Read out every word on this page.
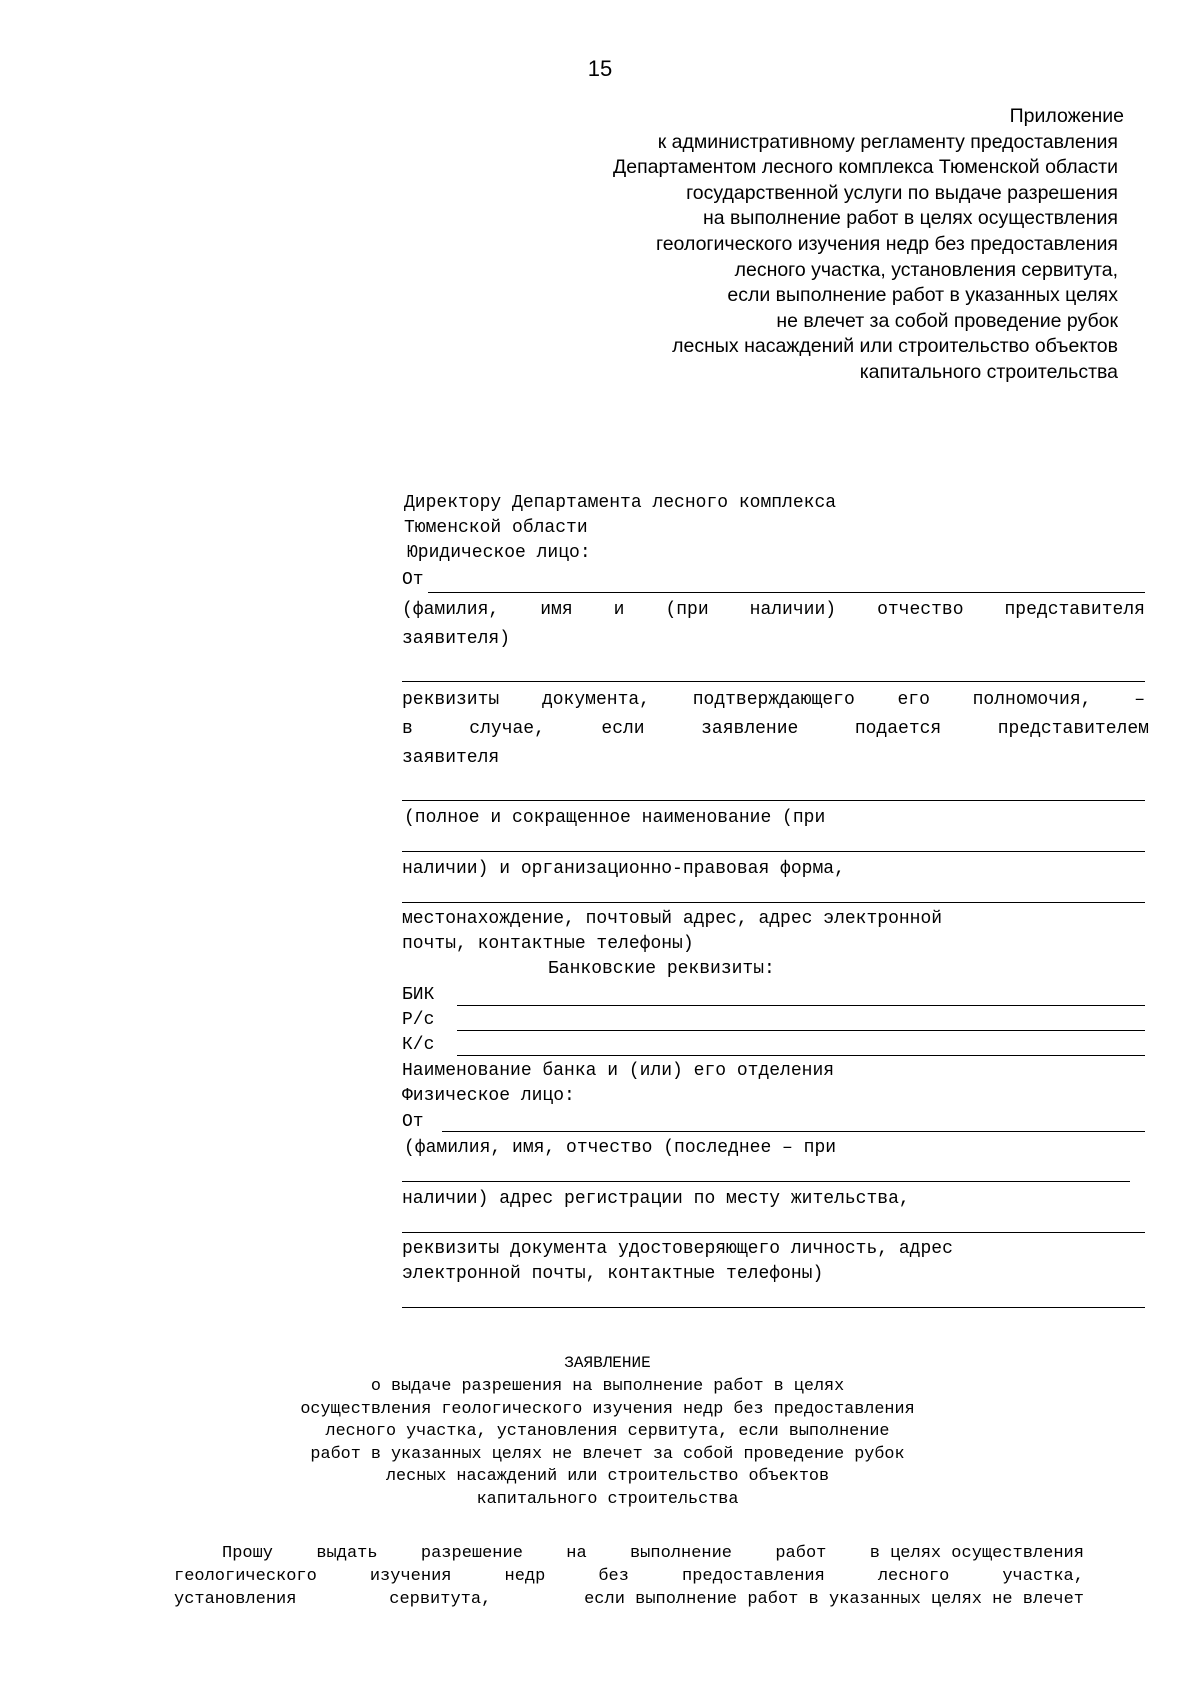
15
Приложение
к административному регламенту предоставления
Департаментом лесного комплекса Тюменской области
государственной услуги по выдаче разрешения
на выполнение работ в целях осуществления
геологического изучения недр без предоставления
лесного участка, установления сервитута,
если выполнение работ в указанных целях
не влечет за собой проведение рубок
лесных насаждений или строительство объектов
капитального строительства
Директору Департамента лесного комплекса
Тюменской области
Юридическое лицо:
От
(фамилия, имя и (при наличии) отчество представителя
заявителя)
реквизиты документа, подтверждающего его полномочия, –
в	случае,	если	заявление	подается	представителем
заявителя
(полное и сокращенное наименование (при
наличии) и организационно-правовая форма,
местонахождение, почтовый адрес, адрес электронной
почты, контактные телефоны)
Банковские реквизиты:
БИК
Р/с
К/с
Наименование банка и (или) его отделения
Физическое лицо:
От
(фамилия, имя, отчество (последнее – при
наличии) адрес регистрации по месту жительства,
реквизиты документа удостоверяющего личность, адрес
электронной почты, контактные телефоны)
ЗАЯВЛЕНИЕ
о выдаче разрешения на выполнение работ в целях
осуществления геологического изучения недр без предоставления
лесного участка, установления сервитута, если выполнение
работ в указанных целях не влечет за собой проведение рубок
лесных насаждений или строительство объектов
капитального строительства
Прошу	выдать	разрешение	на	выполнение	работ	в целях осуществления
геологического	изучения	недр	без	предоставления	лесного	участка,
установления	сервитута,	если выполнение работ в указанных целях не влечет
